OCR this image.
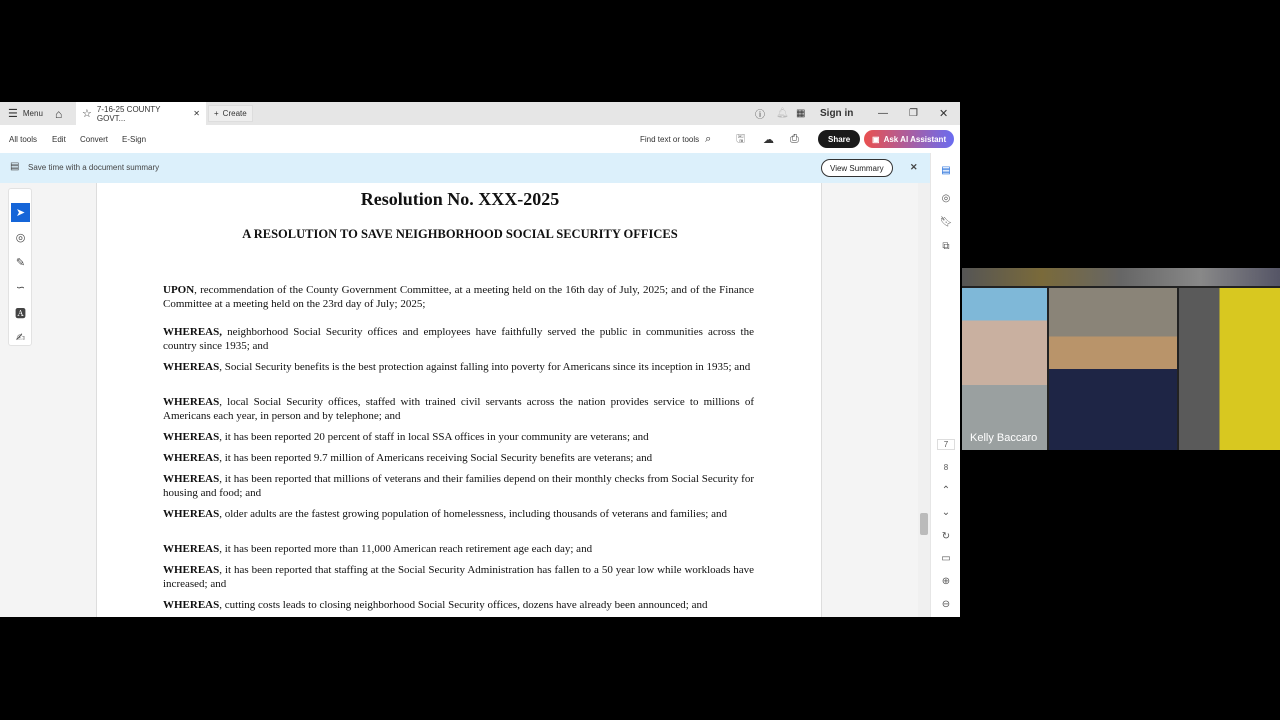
☰ Menu ⌂ ☆ 7-16-25 COUNTY GOVT...	✕ + Create	ⓘ 🔔︎ ▦ Sign in — ❐ ✕
All tools Edit Convert E-Sign	Find text or tools ⌕ 🖫︎ ☁ ⎙	Share	▣ Ask AI Assistant
▤ Save time with a document summary	View Summary	✕
➤
◎
✎
∽
🅰︎
✍︎
Resolution No. XXX-2025
A RESOLUTION TO SAVE NEIGHBORHOOD SOCIAL SECURITY OFFICES
UPON, recommendation of the County Government Committee, at a meeting held on the 16th day of July, 2025; and of the Finance Committee at a meeting held on the 23rd day of July; 2025;
WHEREAS, neighborhood Social Security offices and employees have faithfully served the public in communities across the country since 1935; and
WHEREAS, Social Security benefits is the best protection against falling into poverty for Americans since its inception in 1935; and
WHEREAS, local Social Security offices, staffed with trained civil servants across the nation provides service to millions of Americans each year, in person and by telephone; and
WHEREAS, it has been reported 20 percent of staff in local SSA offices in your community are veterans; and
WHEREAS, it has been reported 9.7 million of Americans receiving Social Security benefits are veterans; and
WHEREAS, it has been reported that millions of veterans and their families depend on their monthly checks from Social Security for housing and food; and
WHEREAS, older adults are the fastest growing population of homelessness, including thousands of veterans and families; and
WHEREAS, it has been reported more than 11,000 American reach retirement age each day; and
WHEREAS, it has been reported that staffing at the Social Security Administration has fallen to a 50 year low while workloads have increased; and
WHEREAS, cutting costs leads to closing neighborhood Social Security offices, dozens have already been announced; and
▤
◎
🔖︎
⧉
7
8
⌃
⌄
↻
▭
⊕
⊖
Kelly Baccaro
